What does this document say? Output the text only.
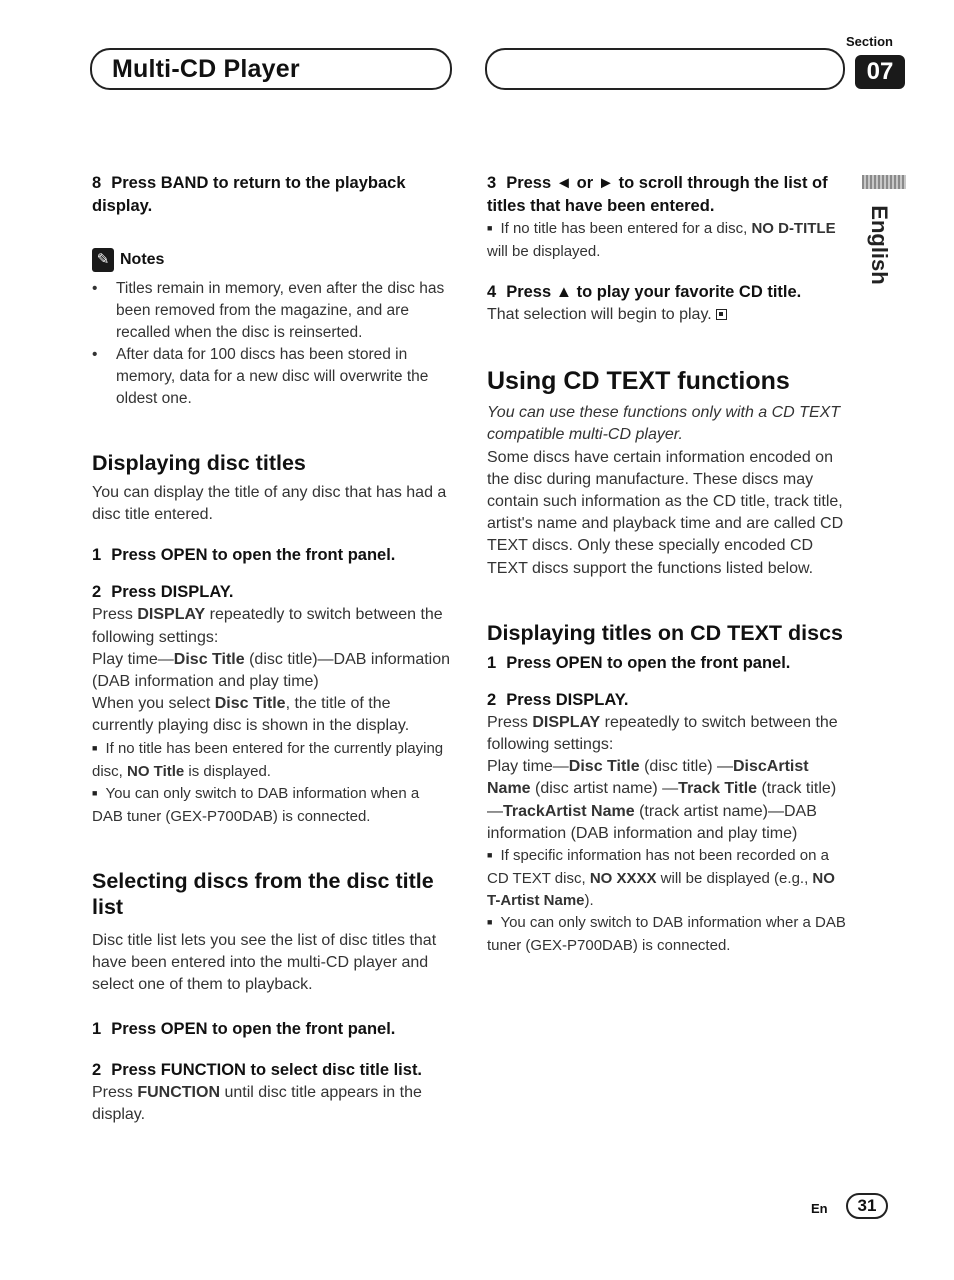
Multi-CD Player
Section
07
English

8 Press BAND to return to the playback display.

✎ Notes
• Titles remain in memory, even after the disc has been removed from the magazine, and are recalled when the disc is reinserted.
• After data for 100 discs has been stored in memory, data for a new disc will overwrite the oldest one.
Displaying disc titles

You can display the title of any disc that has had a disc title entered.

1 Press OPEN to open the front panel.

2 Press DISPLAY.

Press DISPLAY repeatedly to switch between the following settings:

Play time—Disc Title (disc title)—DAB information (DAB information and play time)

When you select Disc Title, the title of the currently playing disc is shown in the display.

■ If no title has been entered for the currently playing disc, NO Title is displayed.

■ You can only switch to DAB information when a DAB tuner (GEX-P700DAB) is connected.

Selecting discs from the disc title list

Disc title list lets you see the list of disc titles that have been entered into the multi-CD player and select one of them to playback.

1 Press OPEN to open the front panel.

2 Press FUNCTION to select disc title list.

Press FUNCTION until disc title appears in the display.

3 Press ◄ or ► to scroll through the list of titles that have been entered.

■ If no title has been entered for a disc, NO D-TITLE will be displayed.

4 Press ▲ to play your favorite CD title.

That selection will begin to play.

Using CD TEXT functions

You can use these functions only with a CD TEXT compatible multi-CD player.

Some discs have certain information encoded on the disc during manufacture. These discs may contain such information as the CD title, track title, artist's name and playback time and are called CD TEXT discs. Only these specially encoded CD TEXT discs support the functions listed below.

Displaying titles on CD TEXT discs

1 Press OPEN to open the front panel.

2 Press DISPLAY.

Press DISPLAY repeatedly to switch between the following settings:

Play time—Disc Title (disc title) —DiscArtist Name (disc artist name) —Track Title (track title)—TrackArtist Name (track artist name)—DAB information (DAB information and play time)

■ If specific information has not been recorded on a CD TEXT disc, NO XXXX will be displayed (e.g., NO T-Artist Name).

■ You can only switch to DAB information wher a DAB tuner (GEX-P700DAB) is connected.

En	31
